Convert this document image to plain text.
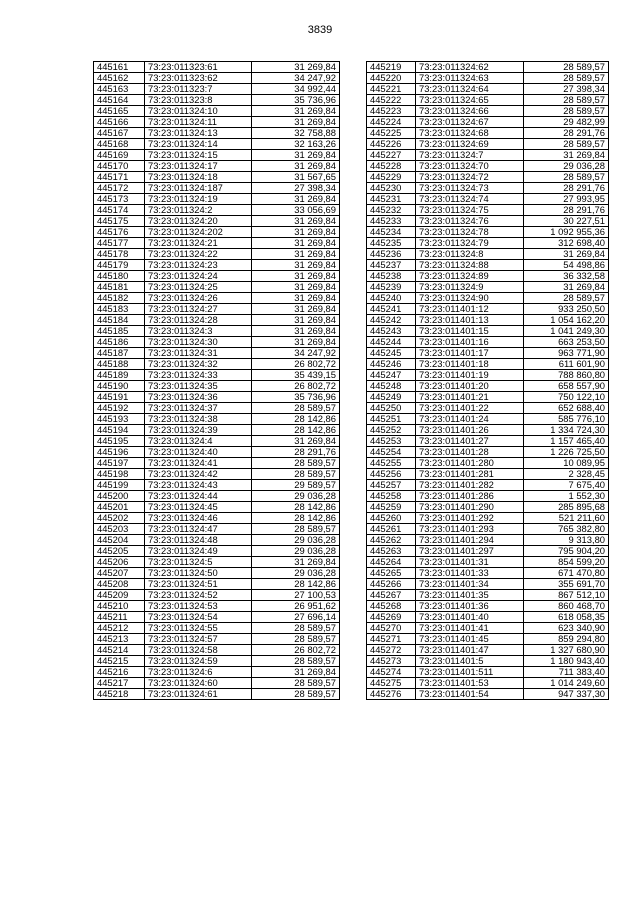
3839
445161	73:23:011323:61	31 269,84
445162	73:23:011323:62	34 247,92
445163	73:23:011323:7	34 992,44
445164	73:23:011323:8	35 736,96
445165	73:23:011324:10	31 269,84
445166	73:23:011324:11	31 269,84
445167	73:23:011324:13	32 758,88
445168	73:23:011324:14	32 163,26
445169	73:23:011324:15	31 269,84
445170	73:23:011324:17	31 269,84
445171	73:23:011324:18	31 567,65
445172	73:23:011324:187	27 398,34
445173	73:23:011324:19	31 269,84
445174	73:23:011324:2	33 056,69
445175	73:23:011324:20	31 269,84
445176	73:23:011324:202	31 269,84
445177	73:23:011324:21	31 269,84
445178	73:23:011324:22	31 269,84
445179	73:23:011324:23	31 269,84
445180	73:23:011324:24	31 269,84
445181	73:23:011324:25	31 269,84
445182	73:23:011324:26	31 269,84
445183	73:23:011324:27	31 269,84
445184	73:23:011324:28	31 269,84
445185	73:23:011324:3	31 269,84
445186	73:23:011324:30	31 269,84
445187	73:23:011324:31	34 247,92
445188	73:23:011324:32	26 802,72
445189	73:23:011324:33	35 439,15
445190	73:23:011324:35	26 802,72
445191	73:23:011324:36	35 736,96
445192	73:23:011324:37	28 589,57
445193	73:23:011324:38	28 142,86
445194	73:23:011324:39	28 142,86
445195	73:23:011324:4	31 269,84
445196	73:23:011324:40	28 291,76
445197	73:23:011324:41	28 589,57
445198	73:23:011324:42	28 589,57
445199	73:23:011324:43	29 589,57
445200	73:23:011324:44	29 036,28
445201	73:23:011324:45	28 142,86
445202	73:23:011324:46	28 142,86
445203	73:23:011324:47	28 589,57
445204	73:23:011324:48	29 036,28
445205	73:23:011324:49	29 036,28
445206	73:23:011324:5	31 269,84
445207	73:23:011324:50	29 036,28
445208	73:23:011324:51	28 142,86
445209	73:23:011324:52	27 100,53
445210	73:23:011324:53	26 951,62
445211	73:23:011324:54	27 696,14
445212	73:23:011324:55	28 589,57
445213	73:23:011324:57	28 589,57
445214	73:23:011324:58	26 802,72
445215	73:23:011324:59	28 589,57
445216	73:23:011324:6	31 269,84
445217	73:23:011324:60	28 589,57
445218	73:23:011324:61	28 589,57
445219	73:23:011324:62	28 589,57
445220	73:23:011324:63	28 589,57
445221	73:23:011324:64	27 398,34
445222	73:23:011324:65	28 589,57
445223	73:23:011324:66	28 589,57
445224	73:23:011324:67	29 482,99
445225	73:23:011324:68	28 291,76
445226	73:23:011324:69	28 589,57
445227	73:23:011324:7	31 269,84
445228	73:23:011324:70	29 036,28
445229	73:23:011324:72	28 589,57
445230	73:23:011324:73	28 291,76
445231	73:23:011324:74	27 993,95
445232	73:23:011324:75	28 291,76
445233	73:23:011324:76	30 227,51
445234	73:23:011324:78	1 092 955,36
445235	73:23:011324:79	312 698,40
445236	73:23:011324:8	31 269,84
445237	73:23:011324:88	54 498,86
445238	73:23:011324:89	36 332,58
445239	73:23:011324:9	31 269,84
445240	73:23:011324:90	28 589,57
445241	73:23:011401:12	933 250,50
445242	73:23:011401:13	1 054 162,20
445243	73:23:011401:15	1 041 249,30
445244	73:23:011401:16	663 253,50
445245	73:23:011401:17	963 771,90
445246	73:23:011401:18	611 601,90
445247	73:23:011401:19	788 860,80
445248	73:23:011401:20	658 557,90
445249	73:23:011401:21	750 122,10
445250	73:23:011401:22	652 688,40
445251	73:23:011401:24	585 776,10
445252	73:23:011401:26	1 334 724,30
445253	73:23:011401:27	1 157 465,40
445254	73:23:011401:28	1 226 725,50
445255	73:23:011401:280	10 089,95
445256	73:23:011401:281	2 328,45
445257	73:23:011401:282	7 675,40
445258	73:23:011401:286	1 552,30
445259	73:23:011401:290	285 895,68
445260	73:23:011401:292	521 211,60
445261	73:23:011401:293	765 382,80
445262	73:23:011401:294	9 313,80
445263	73:23:011401:297	795 904,20
445264	73:23:011401:31	854 599,20
445265	73:23:011401:33	671 470,80
445266	73:23:011401:34	355 691,70
445267	73:23:011401:35	867 512,10
445268	73:23:011401:36	860 468,70
445269	73:23:011401:40	618 058,35
445270	73:23:011401:41	623 340,90
445271	73:23:011401:45	859 294,80
445272	73:23:011401:47	1 327 680,90
445273	73:23:011401:5	1 180 943,40
445274	73:23:011401:511	711 383,40
445275	73:23:011401:53	1 014 249,60
445276	73:23:011401:54	947 337,30
